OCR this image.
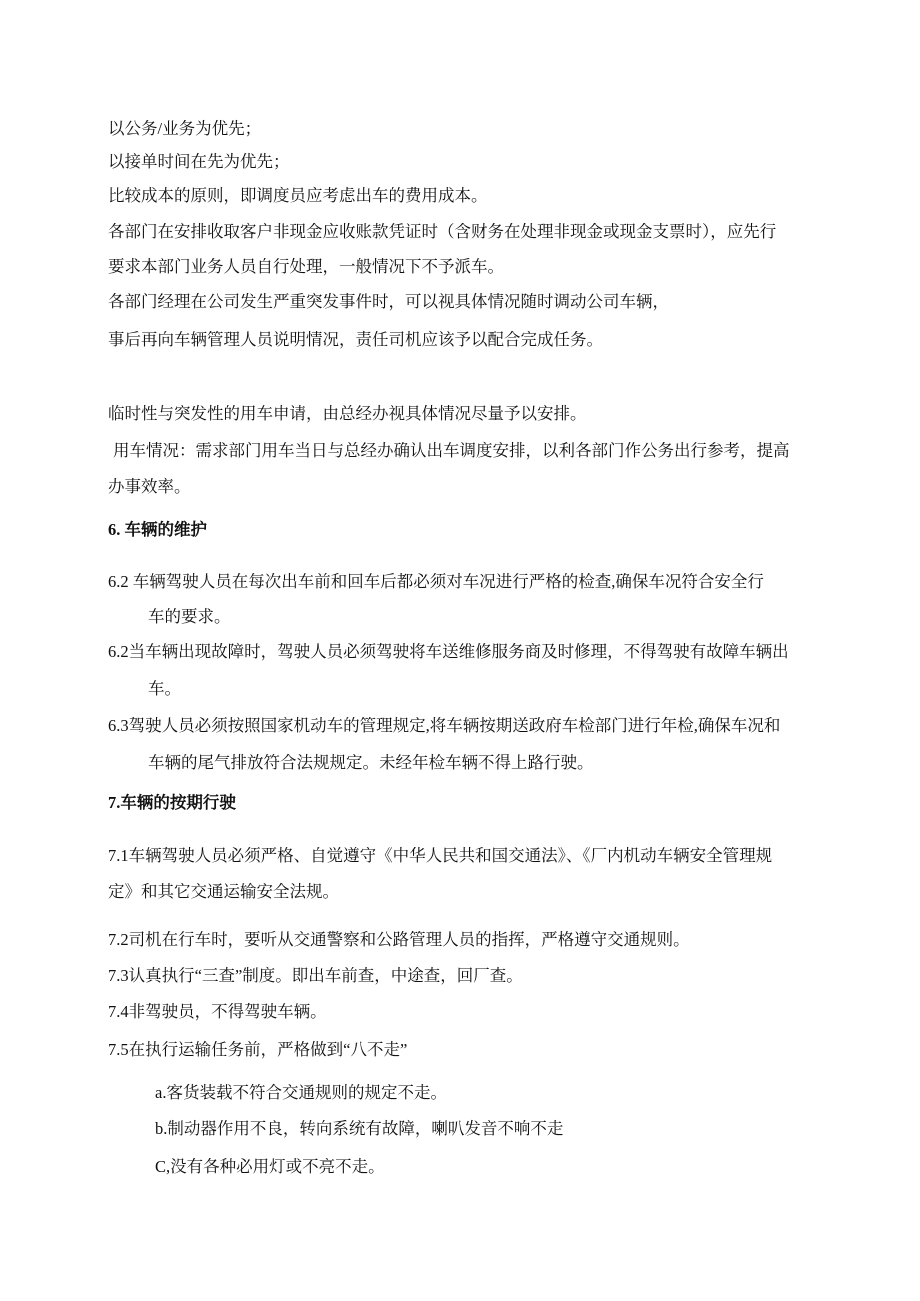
以公务/业务为优先；
以接单时间在先为优先；
比较成本的原则，即调度员应考虑出车的费用成本。
各部门在安排收取客户非现金应收账款凭证时（含财务在处理非现金或现金支票时），应先行
要求本部门业务人员自行处理，一般情况下不予派车。
各部门经理在公司发生严重突发事件时，可以视具体情况随时调动公司车辆，
事后再向车辆管理人员说明情况，责任司机应该予以配合完成任务。
临时性与突发性的用车申请，由总经办视具体情况尽量予以安排。
用车情况：需求部门用车当日与总经办确认出车调度安排，以利各部门作公务出行参考，提高
办事效率。
6. 车辆的维护
6.2 车辆驾驶人员在每次出车前和回车后都必须对车况进行严格的检查,确保车况符合安全行
车的要求。
6.2当车辆出现故障时，驾驶人员必须驾驶将车送维修服务商及时修理，不得驾驶有故障车辆出
车。
6.3驾驶人员必须按照国家机动车的管理规定,将车辆按期送政府车检部门进行年检,确保车况和
车辆的尾气排放符合法规规定。未经年检车辆不得上路行驶。
7.车辆的按期行驶
7.1车辆驾驶人员必须严格、自觉遵守《中华人民共和国交通法》、《厂内机动车辆安全管理规
定》和其它交通运输安全法规。
7.2司机在行车时，要听从交通警察和公路管理人员的指挥，严格遵守交通规则。
7.3认真执行“三查”制度。即出车前查，中途查，回厂查。
7.4非驾驶员，不得驾驶车辆。
7.5在执行运输任务前，严格做到“八不走”
a.客货装载不符合交通规则的规定不走。
b.制动器作用不良，转向系统有故障，喇叭发音不响不走
C,没有各种必用灯或不亮不走。
